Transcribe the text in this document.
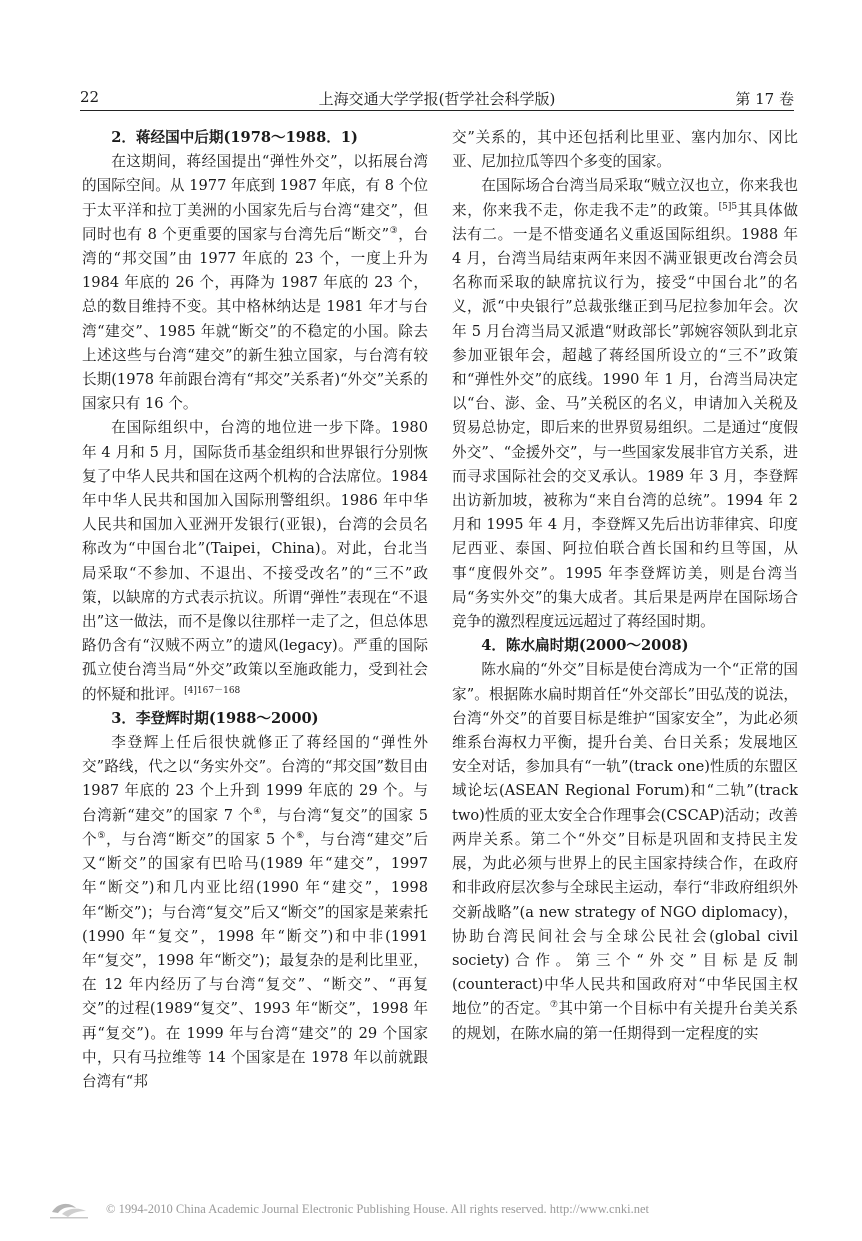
22	上海交通大学学报(哲学社会科学版)	第 17 卷
2．蒋经国中后期(1978～1988．1)

在这期间，蒋经国提出“弹性外交”，以拓展台湾的国际空间。从 1977 年底到 1987 年底，有 8 个位于太平洋和拉丁美洲的小国家先后与台湾“建交”，但同时也有 8 个更重要的国家与台湾先后“断交”③，台湾的“邦交国”由 1977 年底的 23 个，一度上升为 1984 年底的 26 个，再降为 1987 年底的 23 个，总的数目维持不变。其中格林纳达是 1981 年才与台湾“建交”、1985 年就“断交”的不稳定的小国。除去上述这些与台湾“建交”的新生独立国家，与台湾有较长期(1978 年前跟台湾有“邦交”关系者)“外交”关系的国家只有 16 个。

在国际组织中，台湾的地位进一步下降。1980 年 4 月和 5 月，国际货币基金组织和世界银行分别恢复了中华人民共和国在这两个机构的合法席位。1984 年中华人民共和国加入国际刑警组织。1986 年中华人民共和国加入亚洲开发银行(亚银)，台湾的会员名称改为“中国台北”(Taipei，China)。对此，台北当局采取“不参加、不退出、不接受改名”的“三不”政策，以缺席的方式表示抗议。所谓“弹性”表现在“不退出”这一做法，而不是像以往那样一走了之，但总体思路仍含有“汉贼不两立”的遗风(legacy)。严重的国际孤立使台湾当局“外交”政策以至施政能力，受到社会的怀疑和批评。$^{[4]167-168}$

3．李登辉时期(1988～2000)

李登辉上任后很快就修正了蒋经国的“弹性外交”路线，代之以“务实外交”。台湾的“邦交国”数目由 1987 年底的 23 个上升到 1999 年底的 29 个。与台湾新“建交”的国家 7 个④，与台湾“复交”的国家 5 个⑤，与台湾“断交”的国家 5 个⑥，与台湾“建交”后又“断交”的国家有巴哈马(1989 年“建交”，1997 年“断交”)和几内亚比绍(1990 年“建交”，1998 年“断交”)；与台湾“复交”后又“断交”的国家是莱索托(1990 年“复交”，1998 年“断交”)和中非(1991 年“复交”，1998 年“断交”)；最复杂的是利比里亚，在 12 年内经历了与台湾“复交”、“断交”、“再复交”的过程(1989“复交”、1993 年“断交”，1998 年再“复交”)。在 1999 年与台湾“建交”的 29 个国家中，只有马拉维等 14 个国家是在 1978 年以前就跟台湾有“邦

交”关系的，其中还包括利比里亚、塞内加尔、冈比亚、尼加拉瓜等四个多变的国家。

在国际场合台湾当局采取“贼立汉也立，你来我也来，你来我不走，你走我不走”的政策。$^{[5]5}$其具体做法有二。一是不惜变通名义重返国际组织。1988 年 4 月，台湾当局结束两年来因不满亚银更改台湾会员名称而采取的缺席抗议行为，接受“中国台北”的名义，派“中央银行”总裁张继正到马尼拉参加年会。次年 5 月台湾当局又派遣“财政部长”郭婉容领队到北京参加亚银年会，超越了蒋经国所设立的“三不”政策和“弹性外交”的底线。1990 年 1 月，台湾当局决定以“台、澎、金、马”关税区的名义，申请加入关税及贸易总协定，即后来的世界贸易组织。二是通过“度假外交”、“金援外交”，与一些国家发展非官方关系，进而寻求国际社会的交叉承认。1989 年 3 月，李登辉出访新加坡，被称为“来自台湾的总统”。1994 年 2 月和 1995 年 4 月，李登辉又先后出访菲律宾、印度尼西亚、泰国、阿拉伯联合酋长国和约旦等国，从事“度假外交”。1995 年李登辉访美，则是台湾当局“务实外交”的集大成者。其后果是两岸在国际场合竞争的激烈程度远远超过了蒋经国时期。

4．陈水扁时期(2000～2008)

陈水扁的“外交”目标是使台湾成为一个“正常的国家”。根据陈水扁时期首任“外交部长”田弘茂的说法，台湾“外交”的首要目标是维护“国家安全”，为此必须维系台海权力平衡，提升台美、台日关系；发展地区安全对话，参加具有“一轨”(track one)性质的东盟区域论坛(ASEAN Regional Forum)和“二轨”(track two)性质的亚太安全合作理事会(CSCAP)活动；改善两岸关系。第二个“外交”目标是巩固和支持民主发展，为此必须与世界上的民主国家持续合作，在政府和非政府层次参与全球民主运动，奉行“非政府组织外交新战略”(a new strategy of NGO diplomacy)，协助台湾民间社会与全球公民社会(global civil society)合作。第三个“外交”目标是反制(counteract)中华人民共和国政府对“中华民国主权地位”的否定。⑦其中第一个目标中有关提升台美关系的规划，在陈水扁的第一任期得到一定程度的实

© 1994-2010 China Academic Journal Electronic Publishing House. All rights reserved. http://www.cnki.net
